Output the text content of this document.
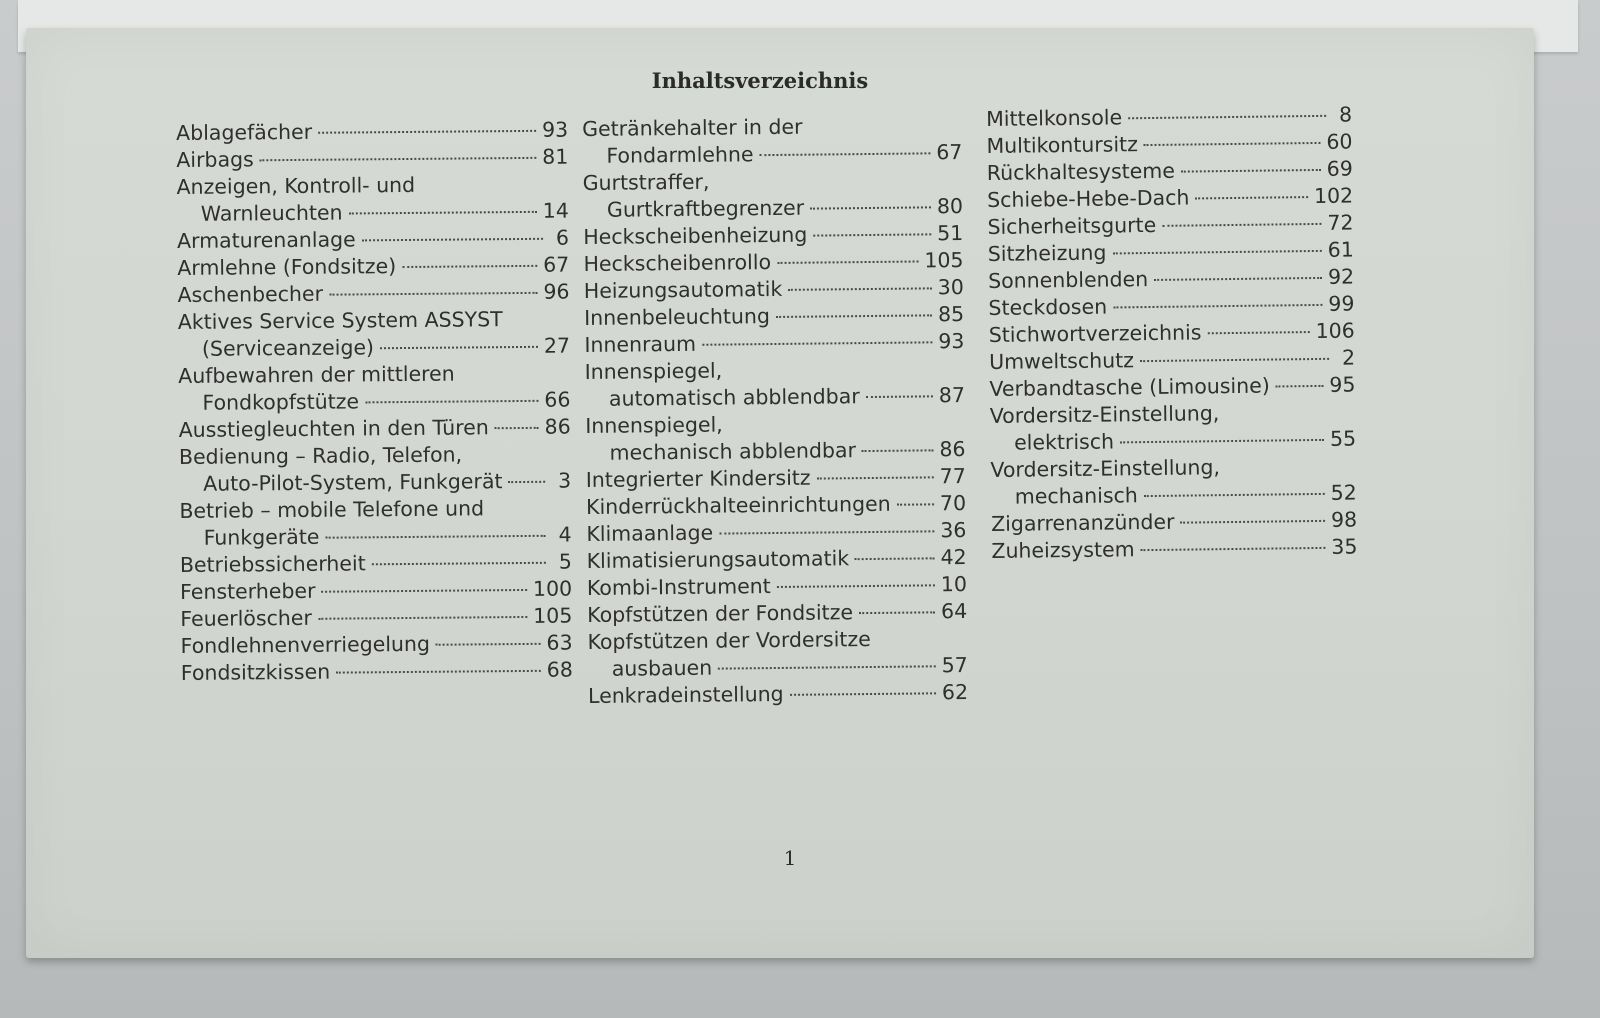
Inhaltsverzeichnis
Ablagefächer	93
Airbags	81
Anzeigen, Kontroll- und
Warnleuchten	14
Armaturenanlage	6
Armlehne (Fondsitze)	67
Aschenbecher	96
Aktives Service System ASSYST
(Serviceanzeige)	27
Aufbewahren der mittleren
Fondkopfstütze	66
Ausstiegleuchten in den Türen	86
Bedienung – Radio, Telefon,
Auto-Pilot-System, Funkgerät	3
Betrieb – mobile Telefone und
Funkgeräte	4
Betriebssicherheit	5
Fensterheber	100
Feuerlöscher	105
Fondlehnenverriegelung	63
Fondsitzkissen	68
Getränkehalter in der
Fondarmlehne	67
Gurtstraffer,
Gurtkraftbegrenzer	80
Heckscheibenheizung	51
Heckscheibenrollo	105
Heizungsautomatik	30
Innenbeleuchtung	85
Innenraum	93
Innenspiegel,
automatisch abblendbar	87
Innenspiegel,
mechanisch abblendbar	86
Integrierter Kindersitz	77
Kinderrückhalteeinrichtungen 70
Klimaanlage	36
Klimatisierungsautomatik	42
Kombi-Instrument	10
Kopfstützen der Fondsitze	64
Kopfstützen der Vordersitze
ausbauen	57
Lenkradeinstellung	62
Mittelkonsole	8
Multikontursitz	60
Rückhaltesysteme	69
Schiebe-Hebe-Dach	102
Sicherheitsgurte	72
Sitzheizung	61
Sonnenblenden	92
Steckdosen	99
Stichwortverzeichnis	106
Umweltschutz	2
Verbandtasche (Limousine)	95
Vordersitz-Einstellung,
elektrisch	55
Vordersitz-Einstellung,
mechanisch	52
Zigarrenanzünder	98
Zuheizsystem	35
1
